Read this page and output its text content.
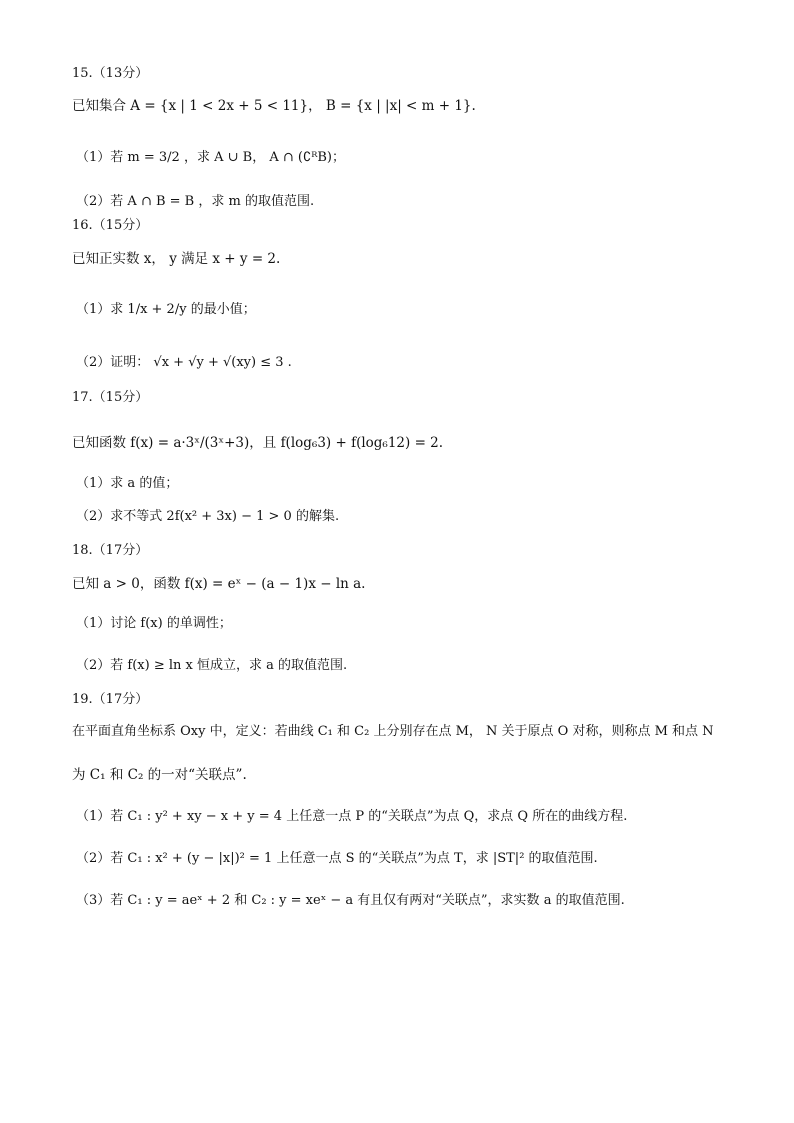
15.（13分）
已知集合 A = {x | 1 < 2x + 5 < 11}， B = {x | |x| < m + 1}.
（1）若 m = 3/2 ，求 A ∪ B， A ∩ (∁ᴿB)；
（2）若 A ∩ B = B ，求 m 的取值范围.
16.（15分）
已知正实数 x， y 满足 x + y = 2.
（1）求 1/x + 2/y 的最小值；
（2）证明： √x + √y + √(xy) ≤ 3 .
17.（15分）
已知函数 f(x) = a·3ˣ/(3ˣ+3)，且 f(log₆3) + f(log₆12) = 2.
（1）求 a 的值；
（2）求不等式 2f(x² + 3x) − 1 > 0 的解集.
18.（17分）
已知 a > 0，函数 f(x) = eˣ − (a − 1)x − ln a.
（1）讨论 f(x) 的单调性；
（2）若 f(x) ≥ ln x 恒成立，求 a 的取值范围.
19.（17分）
在平面直角坐标系 Oxy 中，定义：若曲线 C₁ 和 C₂ 上分别存在点 M， N 关于原点 O 对称，则称点 M 和点 N
为 C₁ 和 C₂ 的一对“关联点”.
（1）若 C₁ : y² + xy − x + y = 4 上任意一点 P 的“关联点”为点 Q，求点 Q 所在的曲线方程.
（2）若 C₁ : x² + (y − |x|)² = 1 上任意一点 S 的“关联点”为点 T，求 |ST|² 的取值范围.
（3）若 C₁ : y = aeˣ + 2 和 C₂ : y = xeˣ − a 有且仅有两对“关联点”，求实数 a 的取值范围.
